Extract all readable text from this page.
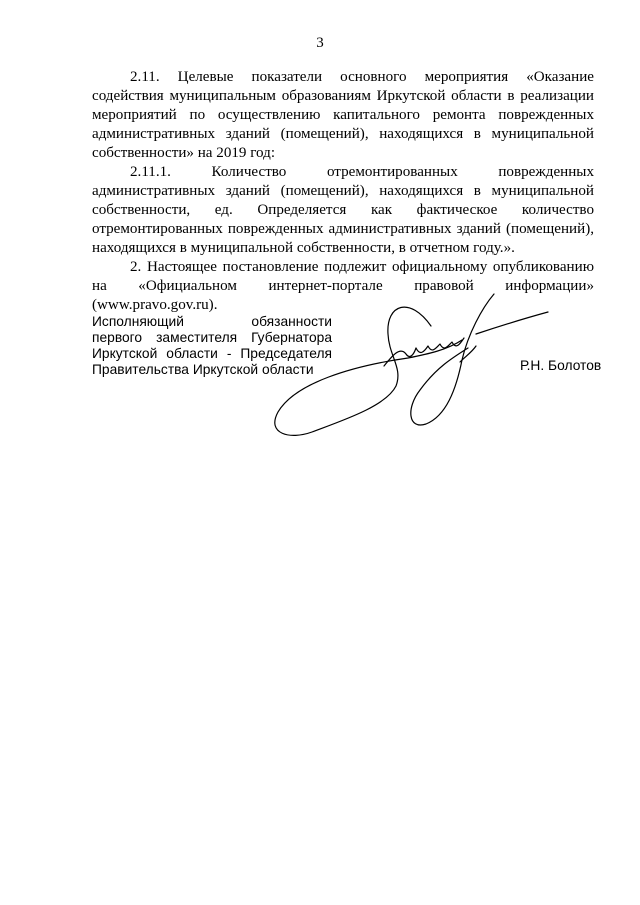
3

2.11. Целевые показатели основного мероприятия «Оказание содействия муниципальным образованиям Иркутской области в реализации мероприятий по осуществлению капитального ремонта поврежденных административных зданий (помещений), находящихся в муниципальной собственности» на 2019 год:

2.11.1. Количество отремонтированных поврежденных административных зданий (помещений), находящихся в муниципальной собственности, ед. Определяется как фактическое количество отремонтированных поврежденных административных зданий (помещений), находящихся в муниципальной собственности, в отчетном году.».

2. Настоящее постановление подлежит официальному опубликованию на «Официальном интернет-портале правовой информации» (www.pravo.gov.ru).

Исполняющий обязанности
первого заместителя Губернатора
Иркутской области - Председателя
Правительства Иркутской области	Р.Н. Болотов
